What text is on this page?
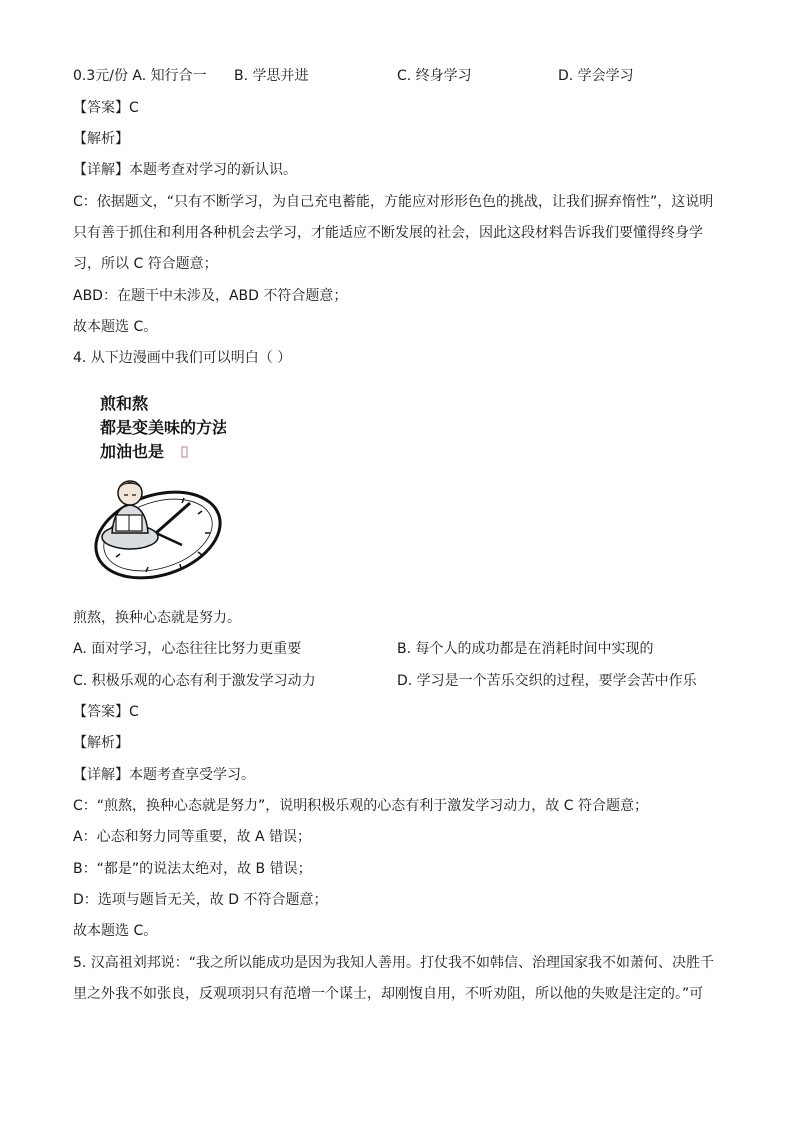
0.3元/份 A. 知行合一 B. 学思并进	C. 终身学习	D. 学会学习
【答案】C
【解析】
【详解】本题考查对学习的新认识。
C：依据题文，“只有不断学习，为自己充电蓄能，方能应对形形色色的挑战，让我们摒弃惰性”，这说明
只有善于抓住和利用各种机会去学习，才能适应不断发展的社会，因此这段材料告诉我们要懂得终身学
习，所以 C 符合题意；
ABD：在题干中未涉及，ABD 不符合题意；
故本题选 C。
4. 从下边漫画中我们可以明白（ ）
煎和熬
都是变美味的方法
加油也是
煎熬，换种心态就是努力。
A. 面对学习，心态往往比努力更重要	B. 每个人的成功都是在消耗时间中实现的
C. 积极乐观的心态有利于激发学习动力	D. 学习是一个苦乐交织的过程，要学会苦中作乐
【答案】C
【解析】
【详解】本题考查享受学习。
C：“煎熬，换种心态就是努力”，说明积极乐观的心态有利于激发学习动力，故 C 符合题意；
A：心态和努力同等重要，故 A 错误；
B：“都是”的说法太绝对，故 B 错误；
D：选项与题旨无关，故 D 不符合题意；
故本题选 C。
5. 汉高祖刘邦说：“我之所以能成功是因为我知人善用。打仗我不如韩信、治理国家我不如萧何、决胜千
里之外我不如张良，反观项羽只有范增一个谋士，却刚愎自用，不听劝阻，所以他的失败是注定的。”可
